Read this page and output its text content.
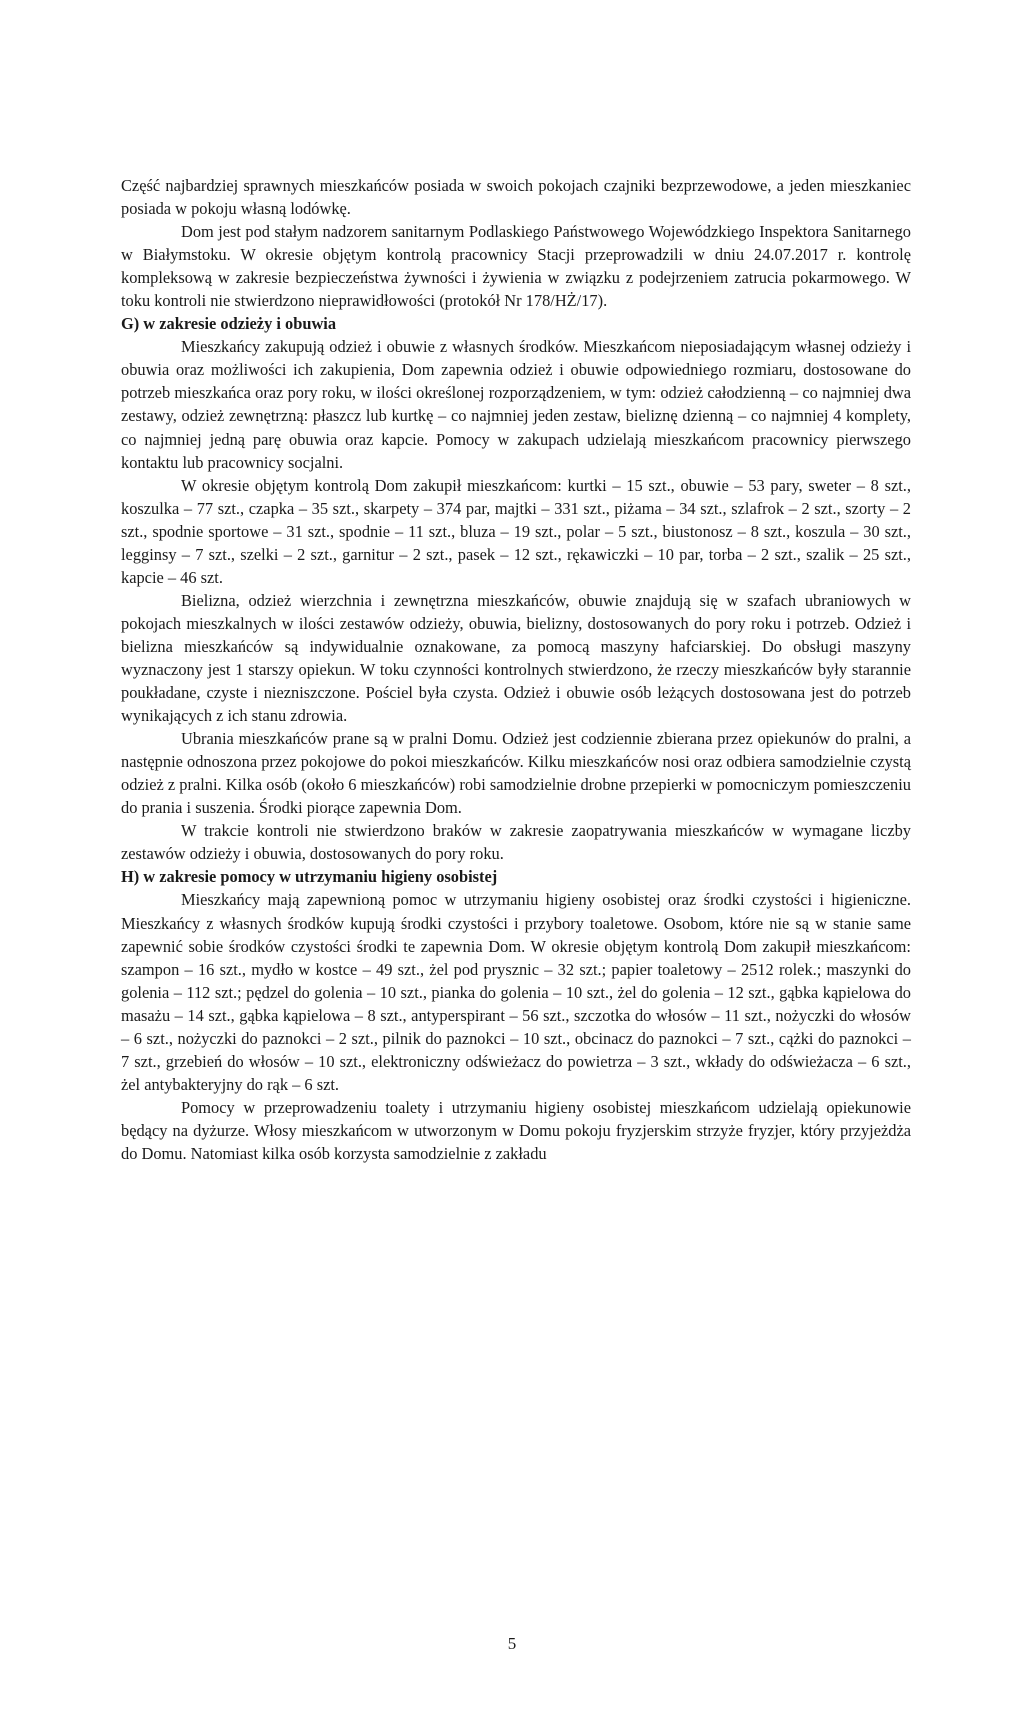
Część najbardziej sprawnych mieszkańców posiada w swoich pokojach czajniki bezprzewodowe, a jeden mieszkaniec posiada w pokoju własną lodówkę.

Dom jest pod stałym nadzorem sanitarnym Podlaskiego Państwowego Wojewódzkiego Inspektora Sanitarnego w Białymstoku. W okresie objętym kontrolą pracownicy Stacji przeprowadzili w dniu 24.07.2017 r. kontrolę kompleksową w zakresie bezpieczeństwa żywności i żywienia w związku z podejrzeniem zatrucia pokarmowego. W toku kontroli nie stwierdzono nieprawidłowości (protokół Nr 178/HŻ/17).

G) w zakresie odzieży i obuwia

Mieszkańcy zakupują odzież i obuwie z własnych środków. Mieszkańcom nieposiadającym własnej odzieży i obuwia oraz możliwości ich zakupienia, Dom zapewnia odzież i obuwie odpowiedniego rozmiaru, dostosowane do potrzeb mieszkańca oraz pory roku, w ilości określonej rozporządzeniem, w tym: odzież całodzienną – co najmniej dwa zestawy, odzież zewnętrzną: płaszcz lub kurtkę – co najmniej jeden zestaw, bieliznę dzienną – co najmniej 4 komplety, co najmniej jedną parę obuwia oraz kapcie. Pomocy w zakupach udzielają mieszkańcom pracownicy pierwszego kontaktu lub pracownicy socjalni.

W okresie objętym kontrolą Dom zakupił mieszkańcom: kurtki – 15 szt., obuwie – 53 pary, sweter – 8 szt., koszulka – 77 szt., czapka – 35 szt., skarpety – 374 par, majtki – 331 szt., piżama – 34 szt., szlafrok – 2 szt., szorty – 2 szt., spodnie sportowe – 31 szt., spodnie – 11 szt., bluza – 19 szt., polar – 5 szt., biustonosz – 8 szt., koszula – 30 szt., legginsy – 7 szt., szelki – 2 szt., garnitur – 2 szt., pasek – 12 szt., rękawiczki – 10 par, torba – 2 szt., szalik – 25 szt., kapcie – 46 szt.

Bielizna, odzież wierzchnia i zewnętrzna mieszkańców, obuwie znajdują się w szafach ubraniowych w pokojach mieszkalnych w ilości zestawów odzieży, obuwia, bielizny, dostosowanych do pory roku i potrzeb. Odzież i bielizna mieszkańców są indywidualnie oznakowane, za pomocą maszyny hafciarskiej. Do obsługi maszyny wyznaczony jest 1 starszy opiekun. W toku czynności kontrolnych stwierdzono, że rzeczy mieszkańców były starannie poukładane, czyste i niezniszczone. Pościel była czysta. Odzież i obuwie osób leżących dostosowana jest do potrzeb wynikających z ich stanu zdrowia.

Ubrania mieszkańców prane są w pralni Domu. Odzież jest codziennie zbierana przez opiekunów do pralni, a następnie odnoszona przez pokojowe do pokoi mieszkańców. Kilku mieszkańców nosi oraz odbiera samodzielnie czystą odzież z pralni. Kilka osób (około 6 mieszkańców) robi samodzielnie drobne przepierki w pomocniczym pomieszczeniu do prania i suszenia. Środki piorące zapewnia Dom.

W trakcie kontroli nie stwierdzono braków w zakresie zaopatrywania mieszkańców w wymagane liczby zestawów odzieży i obuwia, dostosowanych do pory roku.

H) w zakresie pomocy w utrzymaniu higieny osobistej

Mieszkańcy mają zapewnioną pomoc w utrzymaniu higieny osobistej oraz środki czystości i higieniczne. Mieszkańcy z własnych środków kupują środki czystości i przybory toaletowe. Osobom, które nie są w stanie same zapewnić sobie środków czystości środki te zapewnia Dom. W okresie objętym kontrolą Dom zakupił mieszkańcom: szampon – 16 szt., mydło w kostce – 49 szt., żel pod prysznic – 32 szt.; papier toaletowy – 2512 rolek.; maszynki do golenia – 112 szt.; pędzel do golenia – 10 szt., pianka do golenia – 10 szt., żel do golenia – 12 szt., gąbka kąpielowa do masażu – 14 szt., gąbka kąpielowa – 8 szt., antyperspirant – 56 szt., szczotka do włosów – 11 szt., nożyczki do włosów – 6 szt., nożyczki do paznokci – 2 szt., pilnik do paznokci – 10 szt., obcinacz do paznokci – 7 szt., cążki do paznokci – 7 szt., grzebień do włosów – 10 szt., elektroniczny odświeżacz do powietrza – 3 szt., wkłady do odświeżacza – 6 szt., żel antybakteryjny do rąk – 6 szt.

Pomocy w przeprowadzeniu toalety i utrzymaniu higieny osobistej mieszkańcom udzielają opiekunowie będący na dyżurze. Włosy mieszkańcom w utworzonym w Domu pokoju fryzjerskim strzyże fryzjer, który przyjeżdża do Domu. Natomiast kilka osób korzysta samodzielnie z zakładu

5
